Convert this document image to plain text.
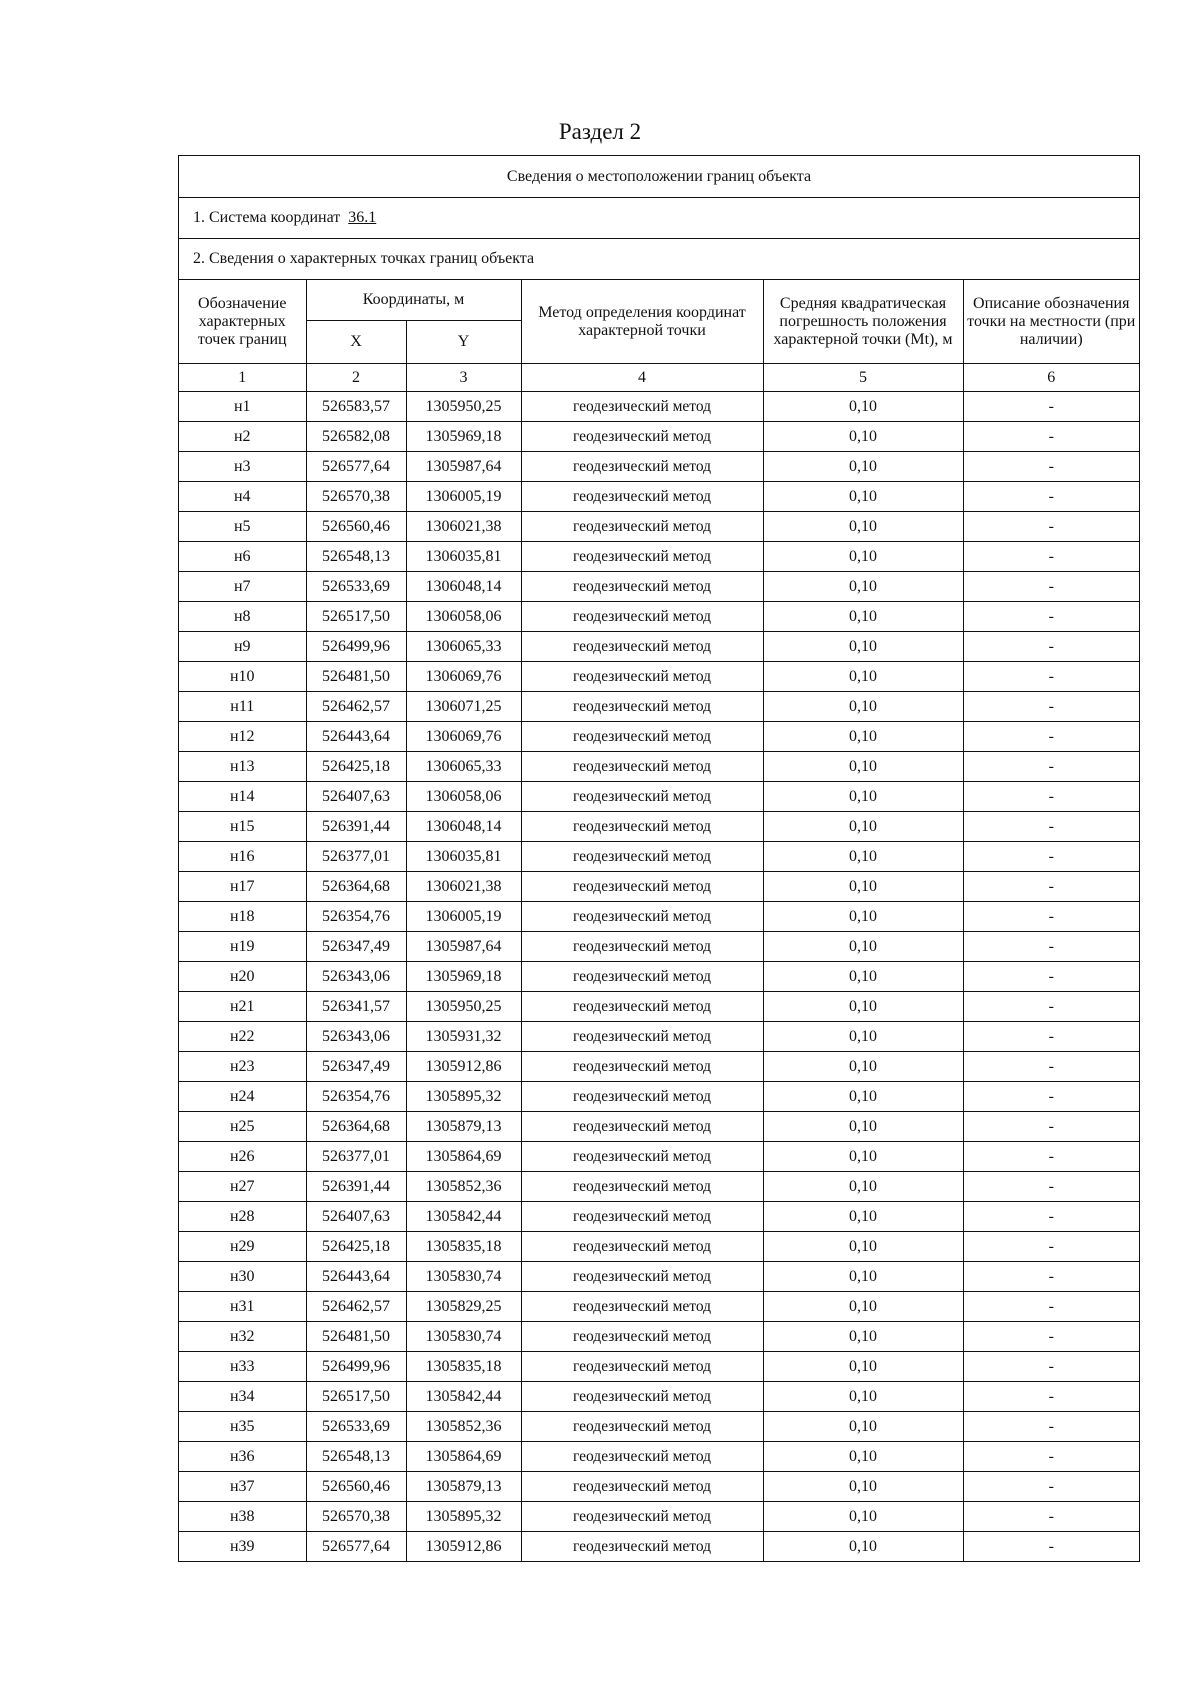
Раздел 2
Сведения о местоположении границ объекта
1. Система координат 36.1
2. Сведения о характерных точках границ объекта
Обозначение характерных точек границ	Координаты, м		Метод определения координат характерной точки	Средняя квадратическая погрешность положения характерной точки (Mt), м	Описание обозначения точки на местности (при наличии)
	X	Y			
1	2	3	4	5	6
н1	526583,57	1305950,25	геодезический метод	0,10	-
н2	526582,08	1305969,18	геодезический метод	0,10	-
н3	526577,64	1305987,64	геодезический метод	0,10	-
н4	526570,38	1306005,19	геодезический метод	0,10	-
н5	526560,46	1306021,38	геодезический метод	0,10	-
н6	526548,13	1306035,81	геодезический метод	0,10	-
н7	526533,69	1306048,14	геодезический метод	0,10	-
н8	526517,50	1306058,06	геодезический метод	0,10	-
н9	526499,96	1306065,33	геодезический метод	0,10	-
н10	526481,50	1306069,76	геодезический метод	0,10	-
н11	526462,57	1306071,25	геодезический метод	0,10	-
н12	526443,64	1306069,76	геодезический метод	0,10	-
н13	526425,18	1306065,33	геодезический метод	0,10	-
н14	526407,63	1306058,06	геодезический метод	0,10	-
н15	526391,44	1306048,14	геодезический метод	0,10	-
н16	526377,01	1306035,81	геодезический метод	0,10	-
н17	526364,68	1306021,38	геодезический метод	0,10	-
н18	526354,76	1306005,19	геодезический метод	0,10	-
н19	526347,49	1305987,64	геодезический метод	0,10	-
н20	526343,06	1305969,18	геодезический метод	0,10	-
н21	526341,57	1305950,25	геодезический метод	0,10	-
н22	526343,06	1305931,32	геодезический метод	0,10	-
н23	526347,49	1305912,86	геодезический метод	0,10	-
н24	526354,76	1305895,32	геодезический метод	0,10	-
н25	526364,68	1305879,13	геодезический метод	0,10	-
н26	526377,01	1305864,69	геодезический метод	0,10	-
н27	526391,44	1305852,36	геодезический метод	0,10	-
н28	526407,63	1305842,44	геодезический метод	0,10	-
н29	526425,18	1305835,18	геодезический метод	0,10	-
н30	526443,64	1305830,74	геодезический метод	0,10	-
н31	526462,57	1305829,25	геодезический метод	0,10	-
н32	526481,50	1305830,74	геодезический метод	0,10	-
н33	526499,96	1305835,18	геодезический метод	0,10	-
н34	526517,50	1305842,44	геодезический метод	0,10	-
н35	526533,69	1305852,36	геодезический метод	0,10	-
н36	526548,13	1305864,69	геодезический метод	0,10	-
н37	526560,46	1305879,13	геодезический метод	0,10	-
н38	526570,38	1305895,32	геодезический метод	0,10	-
н39	526577,64	1305912,86	геодезический метод	0,10	-
